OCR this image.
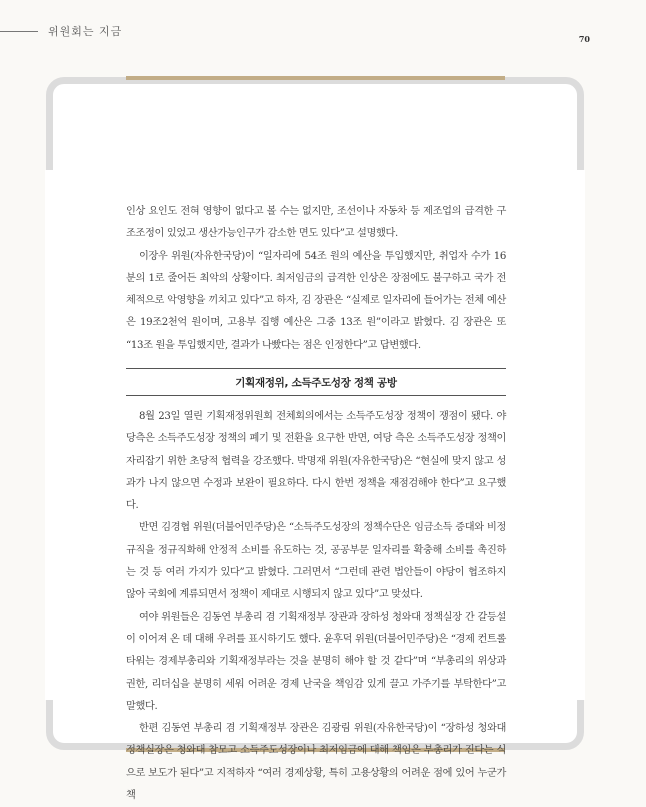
위원회는 지금
70

인상 요인도 전혀 영향이 없다고 볼 수는 없지만, 조선이나 자동차 등 제조업의 급격한 구조조정이 있었고 생산가능인구가 감소한 면도 있다”고 설명했다.

이장우 위원(자유한국당)이 “일자리에 54조 원의 예산을 투입했지만, 취업자 수가 16분의 1로 줄어든 최악의 상황이다. 최저임금의 급격한 인상은 장점에도 불구하고 국가 전체적으로 악영향을 끼치고 있다”고 하자, 김 장관은 “실제로 일자리에 들어가는 전체 예산은 19조2천억 원이며, 고용부 집행 예산은 그중 13조 원”이라고 밝혔다. 김 장관은 또 “13조 원을 투입했지만, 결과가 나빴다는 점은 인정한다”고 답변했다.

기획재정위, 소득주도성장 정책 공방

8월 23일 열린 기획재정위원회 전체회의에서는 소득주도성장 정책이 쟁점이 됐다. 야당측은 소득주도성장 정책의 폐기 및 전환을 요구한 반면, 여당 측은 소득주도성장 정책이 자리잡기 위한 초당적 협력을 강조했다. 박명재 위원(자유한국당)은 “현실에 맞지 않고 성과가 나지 않으면 수정과 보완이 필요하다. 다시 한번 정책을 재점검해야 한다”고 요구했다.

반면 김경협 위원(더불어민주당)은 “소득주도성장의 정책수단은 임금소득 증대와 비정규직을 정규직화해 안정적 소비를 유도하는 것, 공공부문 일자리를 확충해 소비를 촉진하는 것 등 여러 가지가 있다”고 밝혔다. 그러면서 “그런데 관련 법안들이 야당이 협조하지 않아 국회에 계류되면서 정책이 제대로 시행되지 않고 있다”고 맞섰다.

여야 위원들은 김동연 부총리 겸 기획재정부 장관과 장하성 청와대 정책실장 간 갈등설이 이어져 온 데 대해 우려를 표시하기도 했다. 윤후덕 위원(더불어민주당)은 “경제 컨트롤타워는 경제부총리와 기획재정부라는 것을 분명히 해야 할 것 같다”며 “부총리의 위상과 권한, 리더십을 분명히 세워 어려운 경제 난국을 책임감 있게 끌고 가주기를 부탁한다”고 말했다.

한편 김동연 부총리 겸 기획재정부 장관은 김광림 위원(자유한국당)이 “장하성 청와대 정책실장은 청와대 참모고 소득주도성장이나 최저임금에 대해 책임은 부총리가 진다는 식으로 보도가 된다”고 지적하자 “여러 경제상황, 특히 고용상황의 어려운 점에 있어 누군가 책
